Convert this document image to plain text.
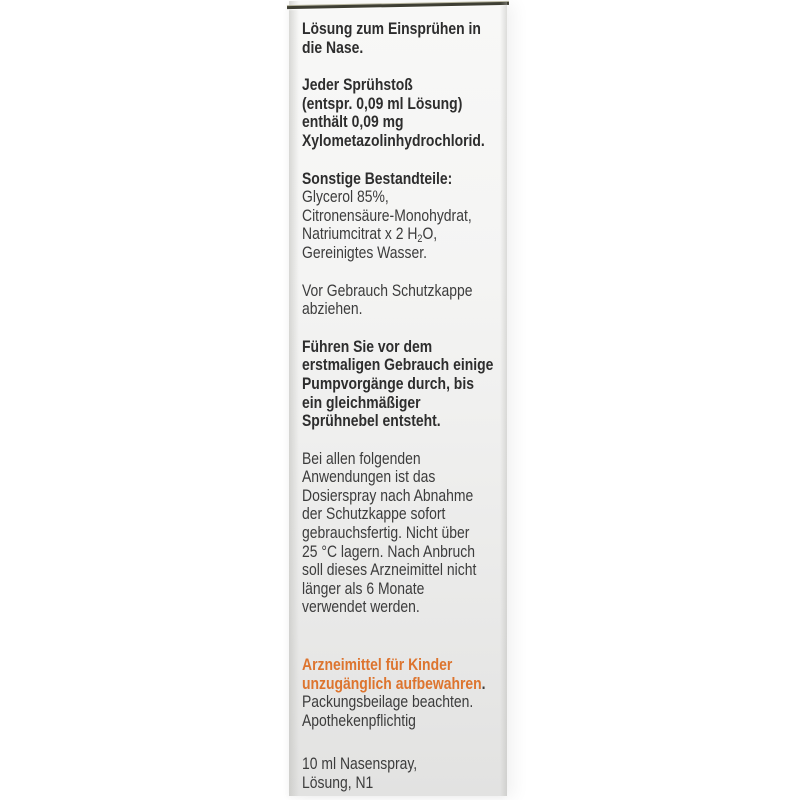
Lösung zum Einsprühen in
die Nase.
Jeder Sprühstoß
(entspr. 0,09 ml Lösung)
enthält 0,09 mg
Xylometazolinhydrochlorid.
Sonstige Bestandteile:
Glycerol 85%,
Citronensäure-Monohydrat,
Natriumcitrat x 2 $H_2O$,
Gereinigtes Wasser.
Vor Gebrauch Schutzkappe
abziehen.
Führen Sie vor dem
erstmaligen Gebrauch einige
Pumpvorgänge durch, bis
ein gleichmäßiger
Sprühnebel entsteht.
Bei allen folgenden
Anwendungen ist das
Dosierspray nach Abnahme
der Schutzkappe sofort
gebrauchsfertig. Nicht über
25 °C lagern. Nach Anbruch
soll dieses Arzneimittel nicht
länger als 6 Monate
verwendet werden.
Arzneimittel für Kinder
unzugänglich aufbewahren.
Packungsbeilage beachten.
Apothekenpflichtig
10 ml Nasenspray,
Lösung, N1
